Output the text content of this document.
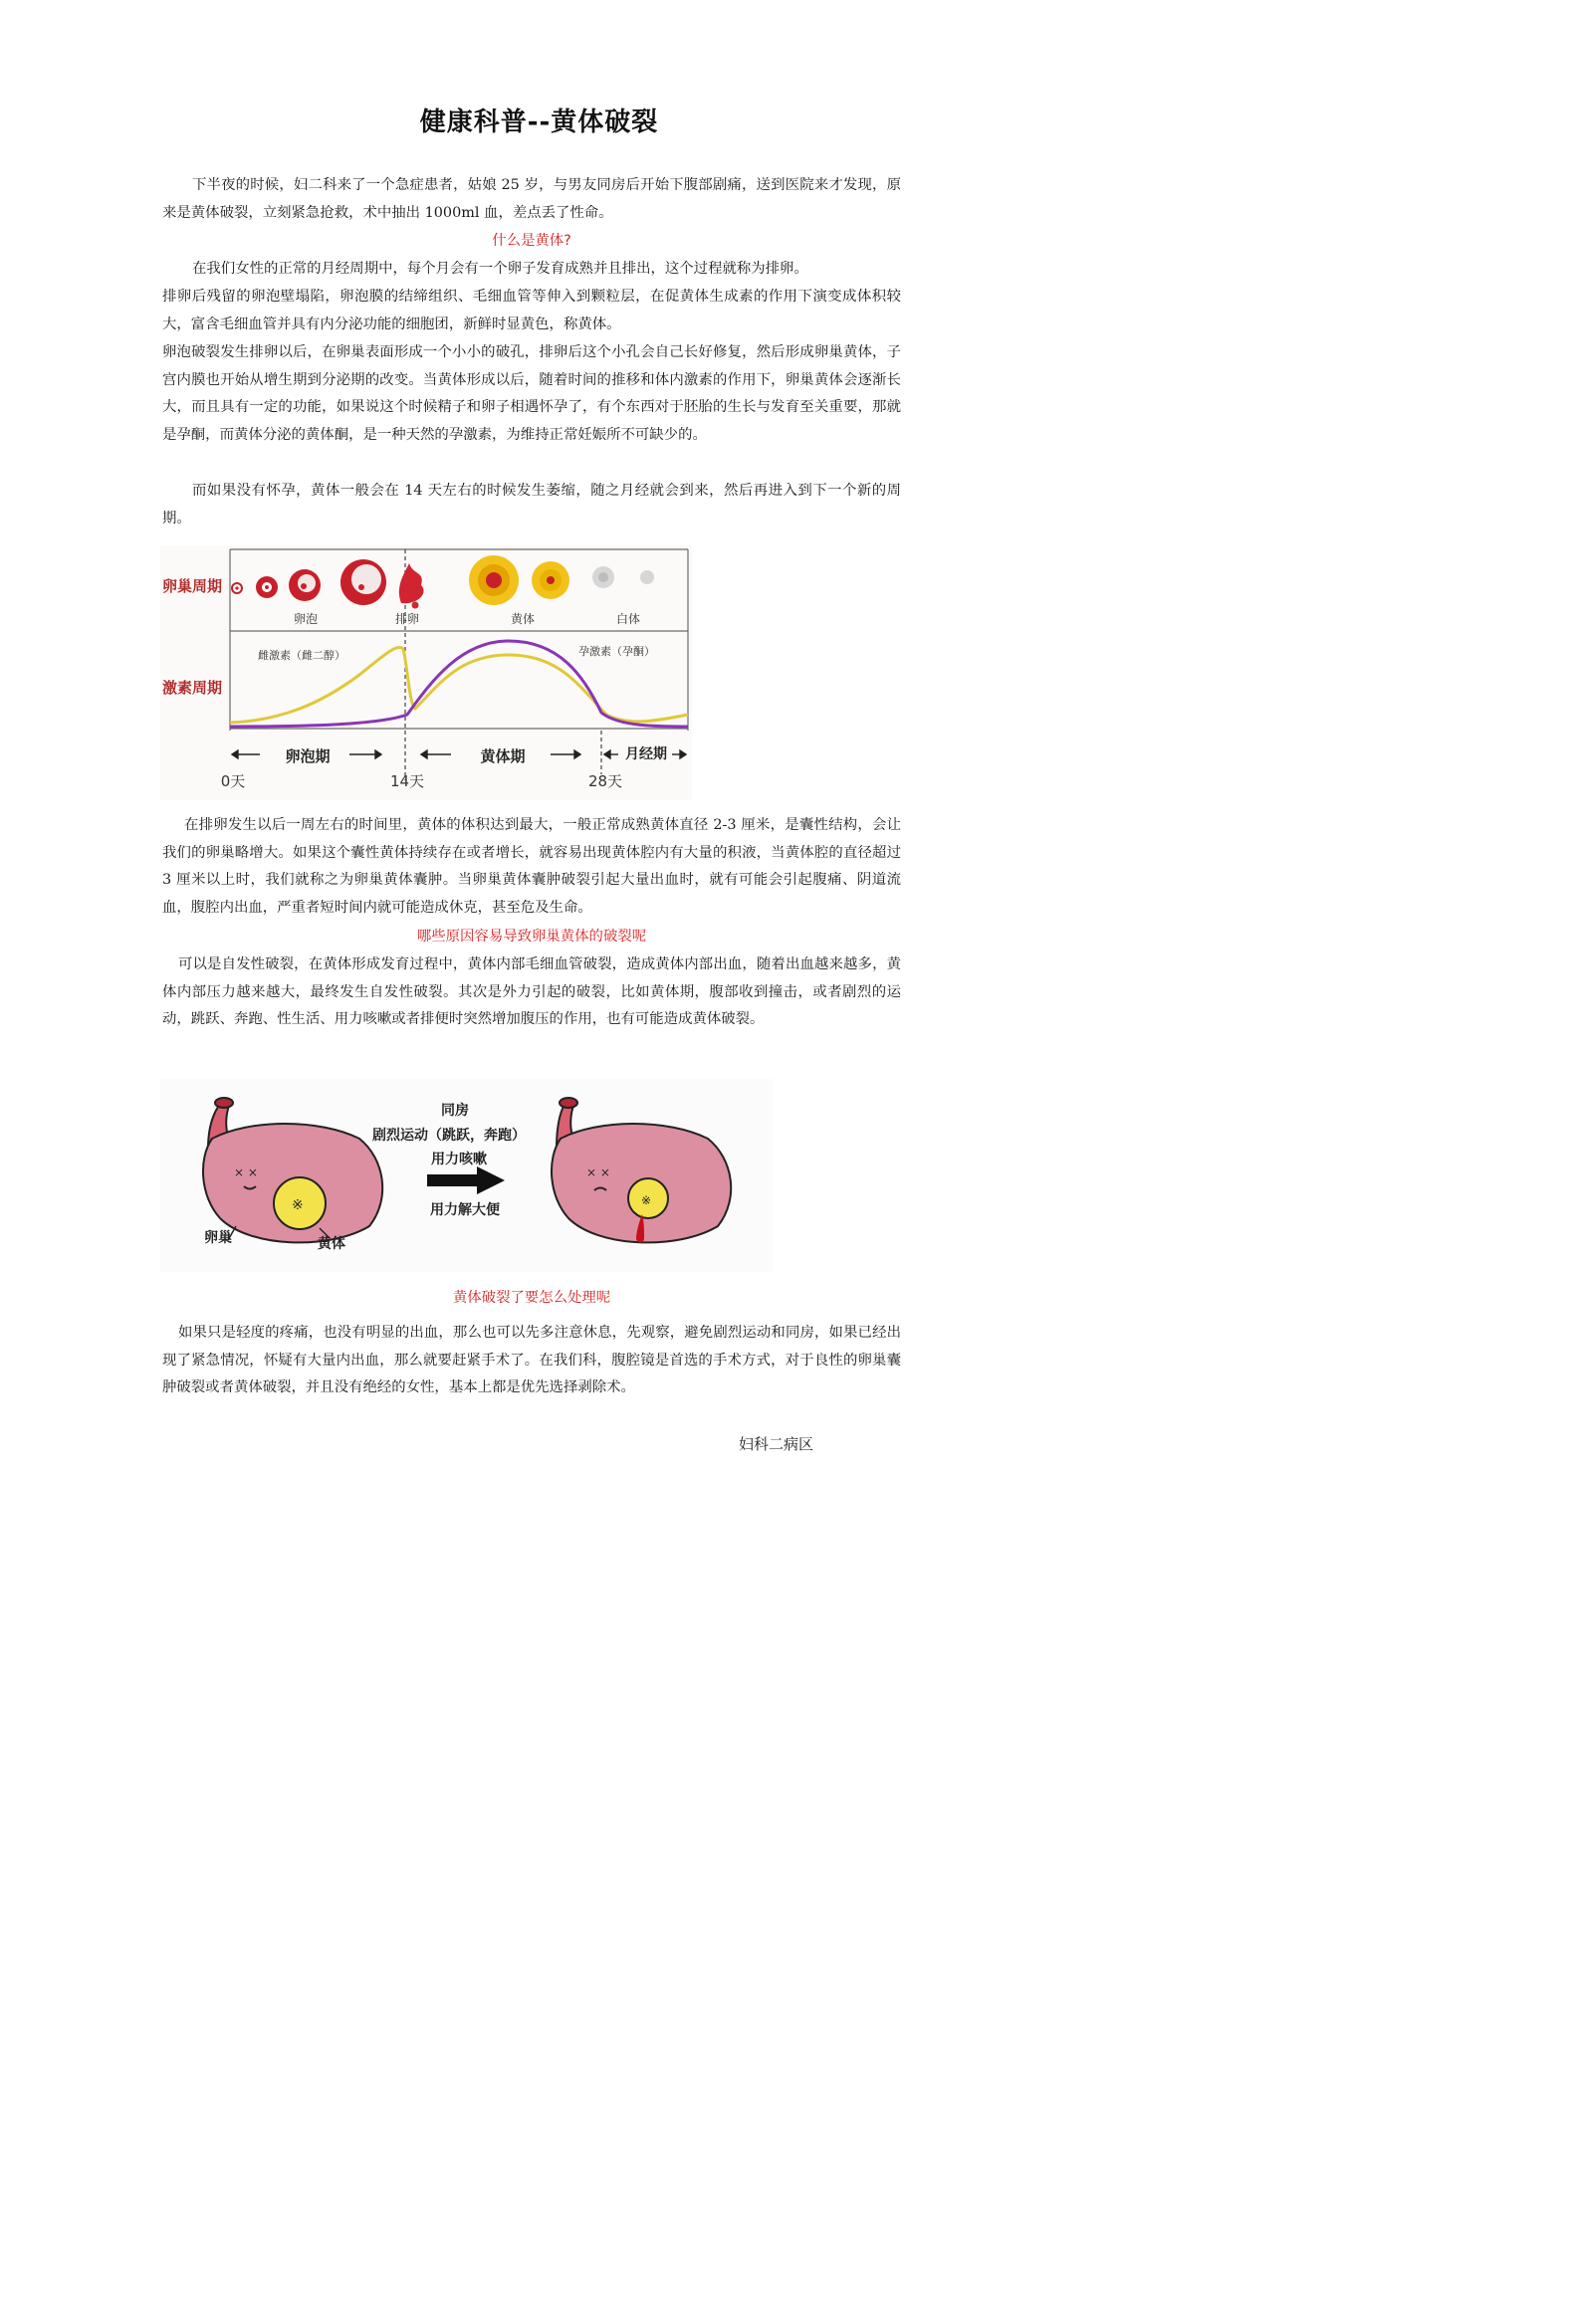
健康科普--黄体破裂

下半夜的时候，妇二科来了一个急症患者，姑娘 25 岁，与男友同房后开始下腹部剧痛，送到医院来才发现，原来是黄体破裂，立刻紧急抢救，术中抽出 1000ml 血，差点丢了性命。

什么是黄体?

在我们女性的正常的月经周期中，每个月会有一个卵子发育成熟并且排出，这个过程就称为排卵。

排卵后残留的卵泡壁塌陷，卵泡膜的结缔组织、毛细血管等伸入到颗粒层，在促黄体生成素的作用下演变成体积较大，富含毛细血管并具有内分泌功能的细胞团，新鲜时显黄色，称黄体。

卵泡破裂发生排卵以后，在卵巢表面形成一个小小的破孔，排卵后这个小孔会自己长好修复，然后形成卵巢黄体，子宫内膜也开始从增生期到分泌期的改变。当黄体形成以后，随着时间的推移和体内激素的作用下，卵巢黄体会逐渐长大，而且具有一定的功能，如果说这个时候精子和卵子相遇怀孕了，有个东西对于胚胎的生长与发育至关重要，那就是孕酮，而黄体分泌的黄体酮，是一种天然的孕激素，为维持正常妊娠所不可缺少的。

而如果没有怀孕，黄体一般会在 14 天左右的时候发生萎缩，随之月经就会到来，然后再进入到下一个新的周期。

卵巢周期
激素周期
卵泡	排卵	黄体	白体
雌激素（雌二醇）	孕激素（孕酮）
卵泡期	黄体期	月经期
0天	14天	28天

在排卵发生以后一周左右的时间里，黄体的体积达到最大，一般正常成熟黄体直径 2-3 厘米，是囊性结构，会让我们的卵巢略增大。如果这个囊性黄体持续存在或者增长，就容易出现黄体腔内有大量的积液，当黄体腔的直径超过 3 厘米以上时，我们就称之为卵巢黄体囊肿。当卵巢黄体囊肿破裂引起大量出血时，就有可能会引起腹痛、阴道流血，腹腔内出血，严重者短时间内就可能造成休克，甚至危及生命。

哪些原因容易导致卵巢黄体的破裂呢

可以是自发性破裂，在黄体形成发育过程中，黄体内部毛细血管破裂，造成黄体内部出血，随着出血越来越多，黄体内部压力越来越大，最终发生自发性破裂。其次是外力引起的破裂，比如黄体期，腹部收到撞击，或者剧烈的运动，跳跃、奔跑、性生活、用力咳嗽或者排便时突然增加腹压的作用，也有可能造成黄体破裂。

× ×
※
卵巢	黄体
同房
剧烈运动（跳跃，奔跑）
用力咳嗽
用力解大便
× ×
※

黄体破裂了要怎么处理呢

如果只是轻度的疼痛，也没有明显的出血，那么也可以先多注意休息，先观察，避免剧烈运动和同房，如果已经出现了紧急情况，怀疑有大量内出血，那么就要赶紧手术了。在我们科，腹腔镜是首选的手术方式，对于良性的卵巢囊肿破裂或者黄体破裂，并且没有绝经的女性，基本上都是优先选择剥除术。

妇科二病区
